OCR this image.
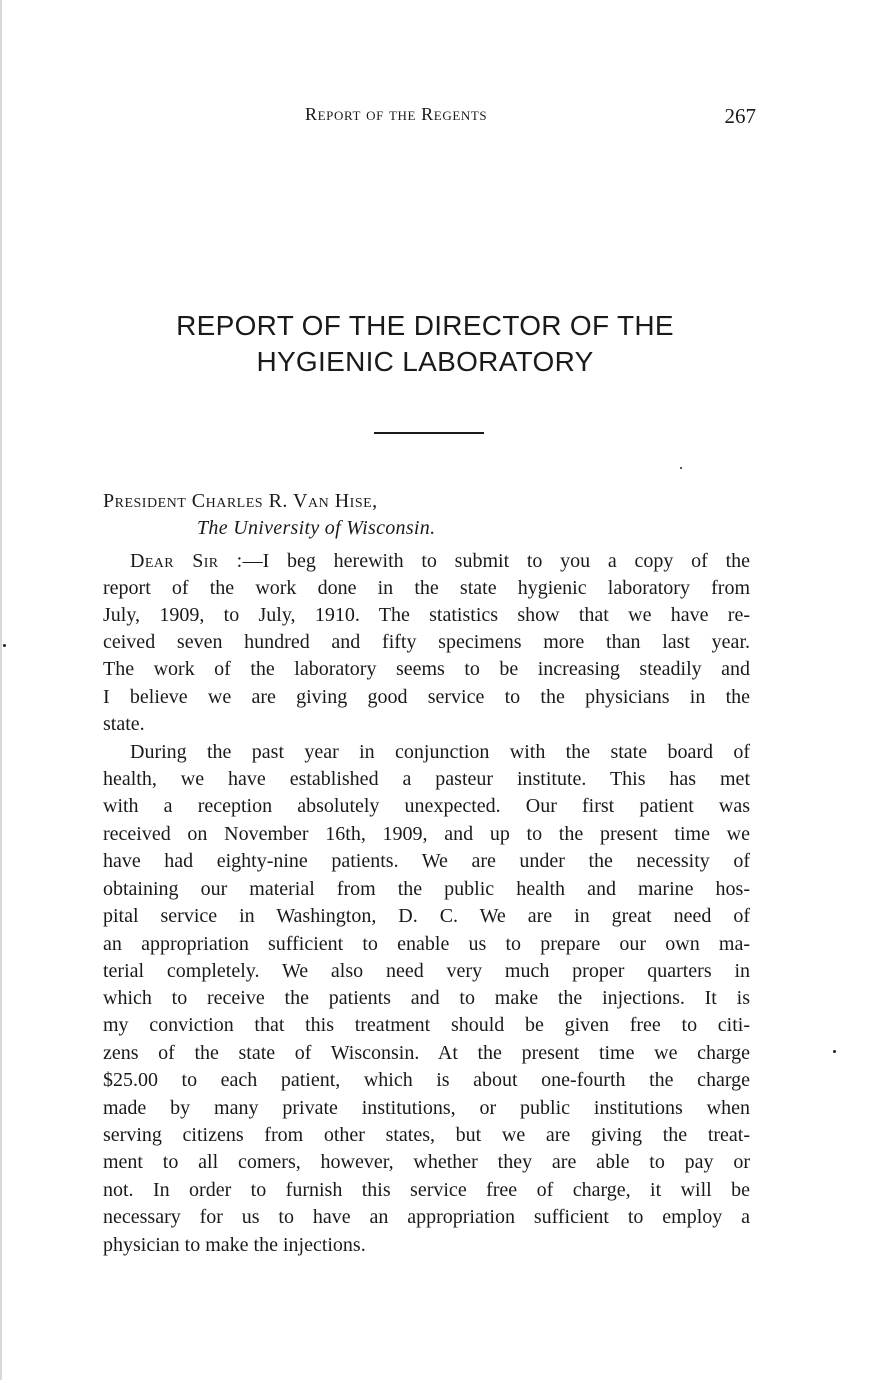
Report of the Regents	267
REPORT OF THE DIRECTOR OF THE
HYGIENIC LABORATORY
President Charles R. Van Hise,
The University of Wisconsin.
Dear Sir :—I beg herewith to submit to you a copy of the
report of the work done in the state hygienic laboratory from
July, 1909, to July, 1910. The statistics show that we have re-
ceived seven hundred and fifty specimens more than last year.
The work of the laboratory seems to be increasing steadily and
I believe we are giving good service to the physicians in the
state.
During the past year in conjunction with the state board of
health, we have established a pasteur institute. This has met
with a reception absolutely unexpected. Our first patient was
received on November 16th, 1909, and up to the present time we
have had eighty-nine patients. We are under the necessity of
obtaining our material from the public health and marine hos-
pital service in Washington, D. C. We are in great need of
an appropriation sufficient to enable us to prepare our own ma-
terial completely. We also need very much proper quarters in
which to receive the patients and to make the injections. It is
my conviction that this treatment should be given free to citi-
zens of the state of Wisconsin. At the present time we charge
$25.00 to each patient, which is about one-fourth the charge
made by many private institutions, or public institutions when
serving citizens from other states, but we are giving the treat-
ment to all comers, however, whether they are able to pay or
not. In order to furnish this service free of charge, it will be
necessary for us to have an appropriation sufficient to employ a
physician to make the injections.
